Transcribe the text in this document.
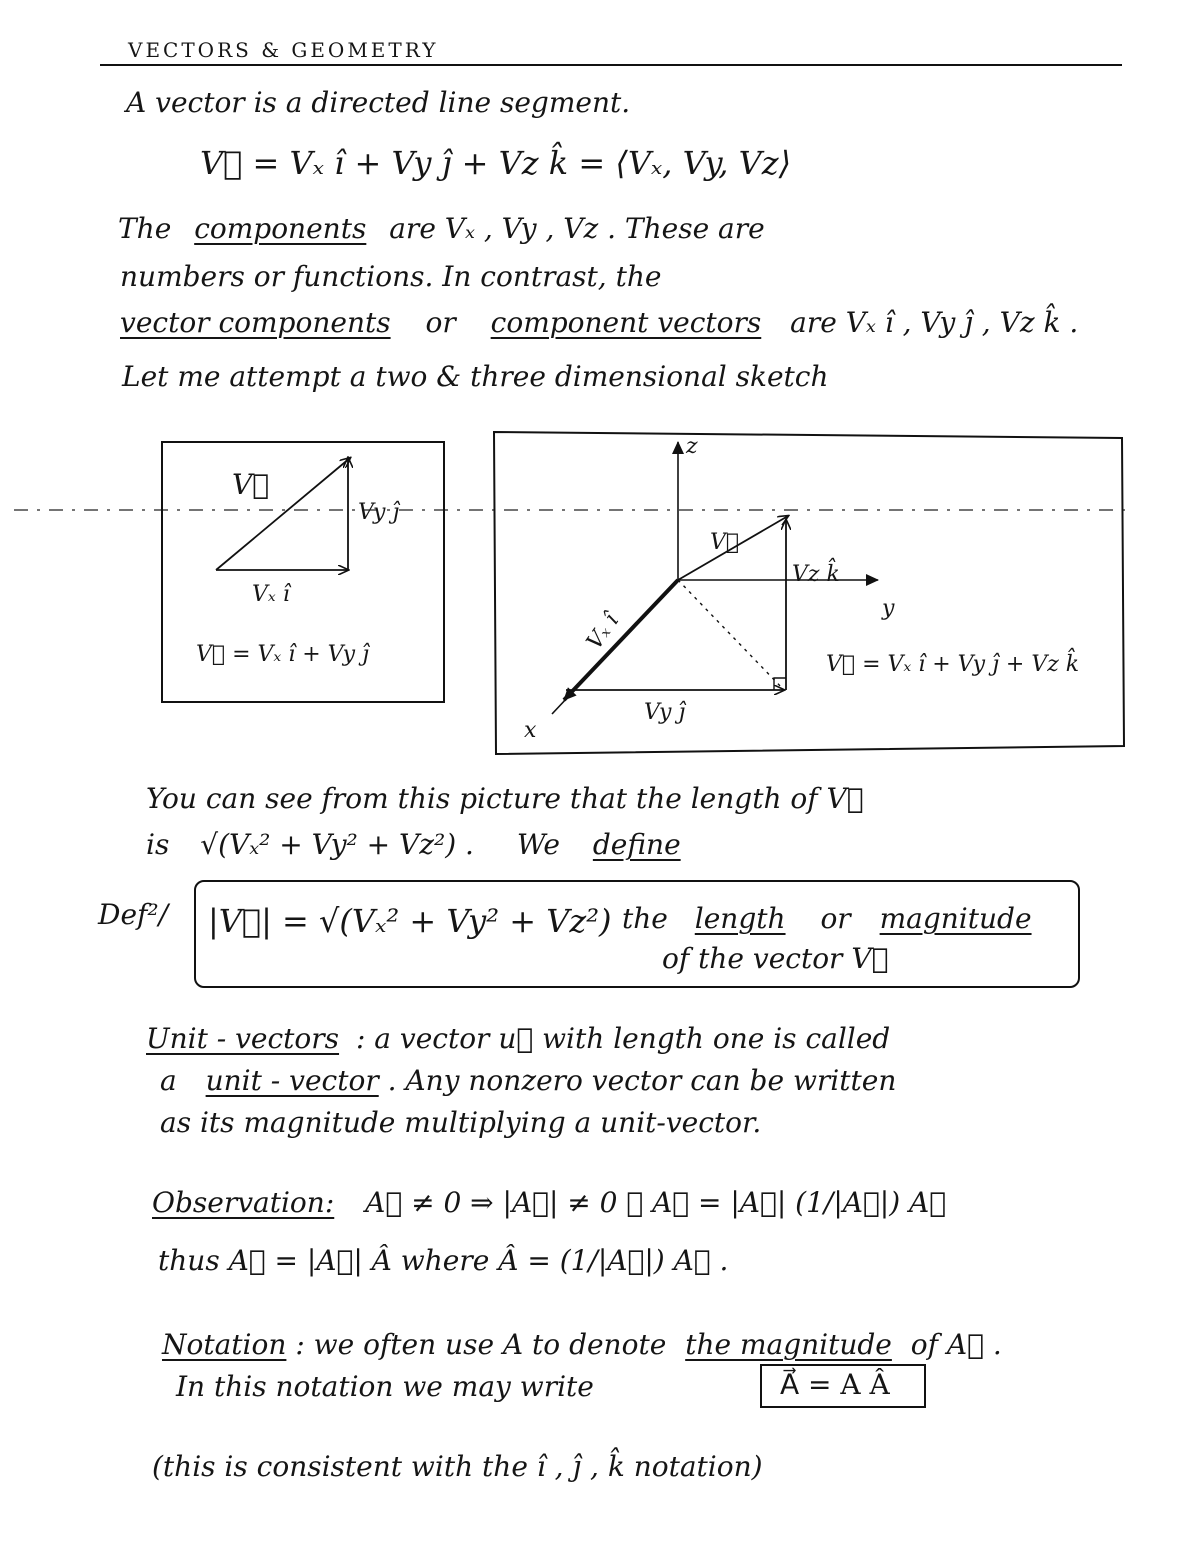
VECTORS & GEOMETRY
A vector is a directed line segment.
V⃗ = Vₓ î + Vy ĵ + Vz k̂ = ⟨Vₓ, Vy, Vz⟩
The components are Vₓ , Vy , Vz . These are
numbers or functions. In contrast, the
vector components or component vectors are Vₓ î , Vy ĵ , Vz k̂ .
Let me attempt a two & three dimensional sketch
V⃗
Vy ĵ
Vₓ î
V⃗ = Vₓ î + Vy ĵ
z
y
x
V⃗
Vz k̂
Vₓ î
Vy ĵ
V⃗ = Vₓ î + Vy ĵ + Vz k̂
You can see from this picture that the length of V⃗
is √(Vₓ² + Vy² + Vz²) . We define
Def²/ |V⃗| = √(Vₓ² + Vy² + Vz²) the length or magnitude
of the vector V⃗
Unit - vectors : a vector u⃗ with length one is called
a unit - vector . Any nonzero vector can be written
as its magnitude multiplying a unit-vector.
Observation: A⃗ ≠ 0 ⇒ |A⃗| ≠ 0 ∴ A⃗ = |A⃗| (1/|A⃗|) A⃗
thus A⃗ = |A⃗| Â where Â = (1/|A⃗|) A⃗ .
Notation : we often use A to denote the magnitude of A⃗ .
In this notation we may write	A⃗ = A Â
(this is consistent with the î , ĵ , k̂ notation)
